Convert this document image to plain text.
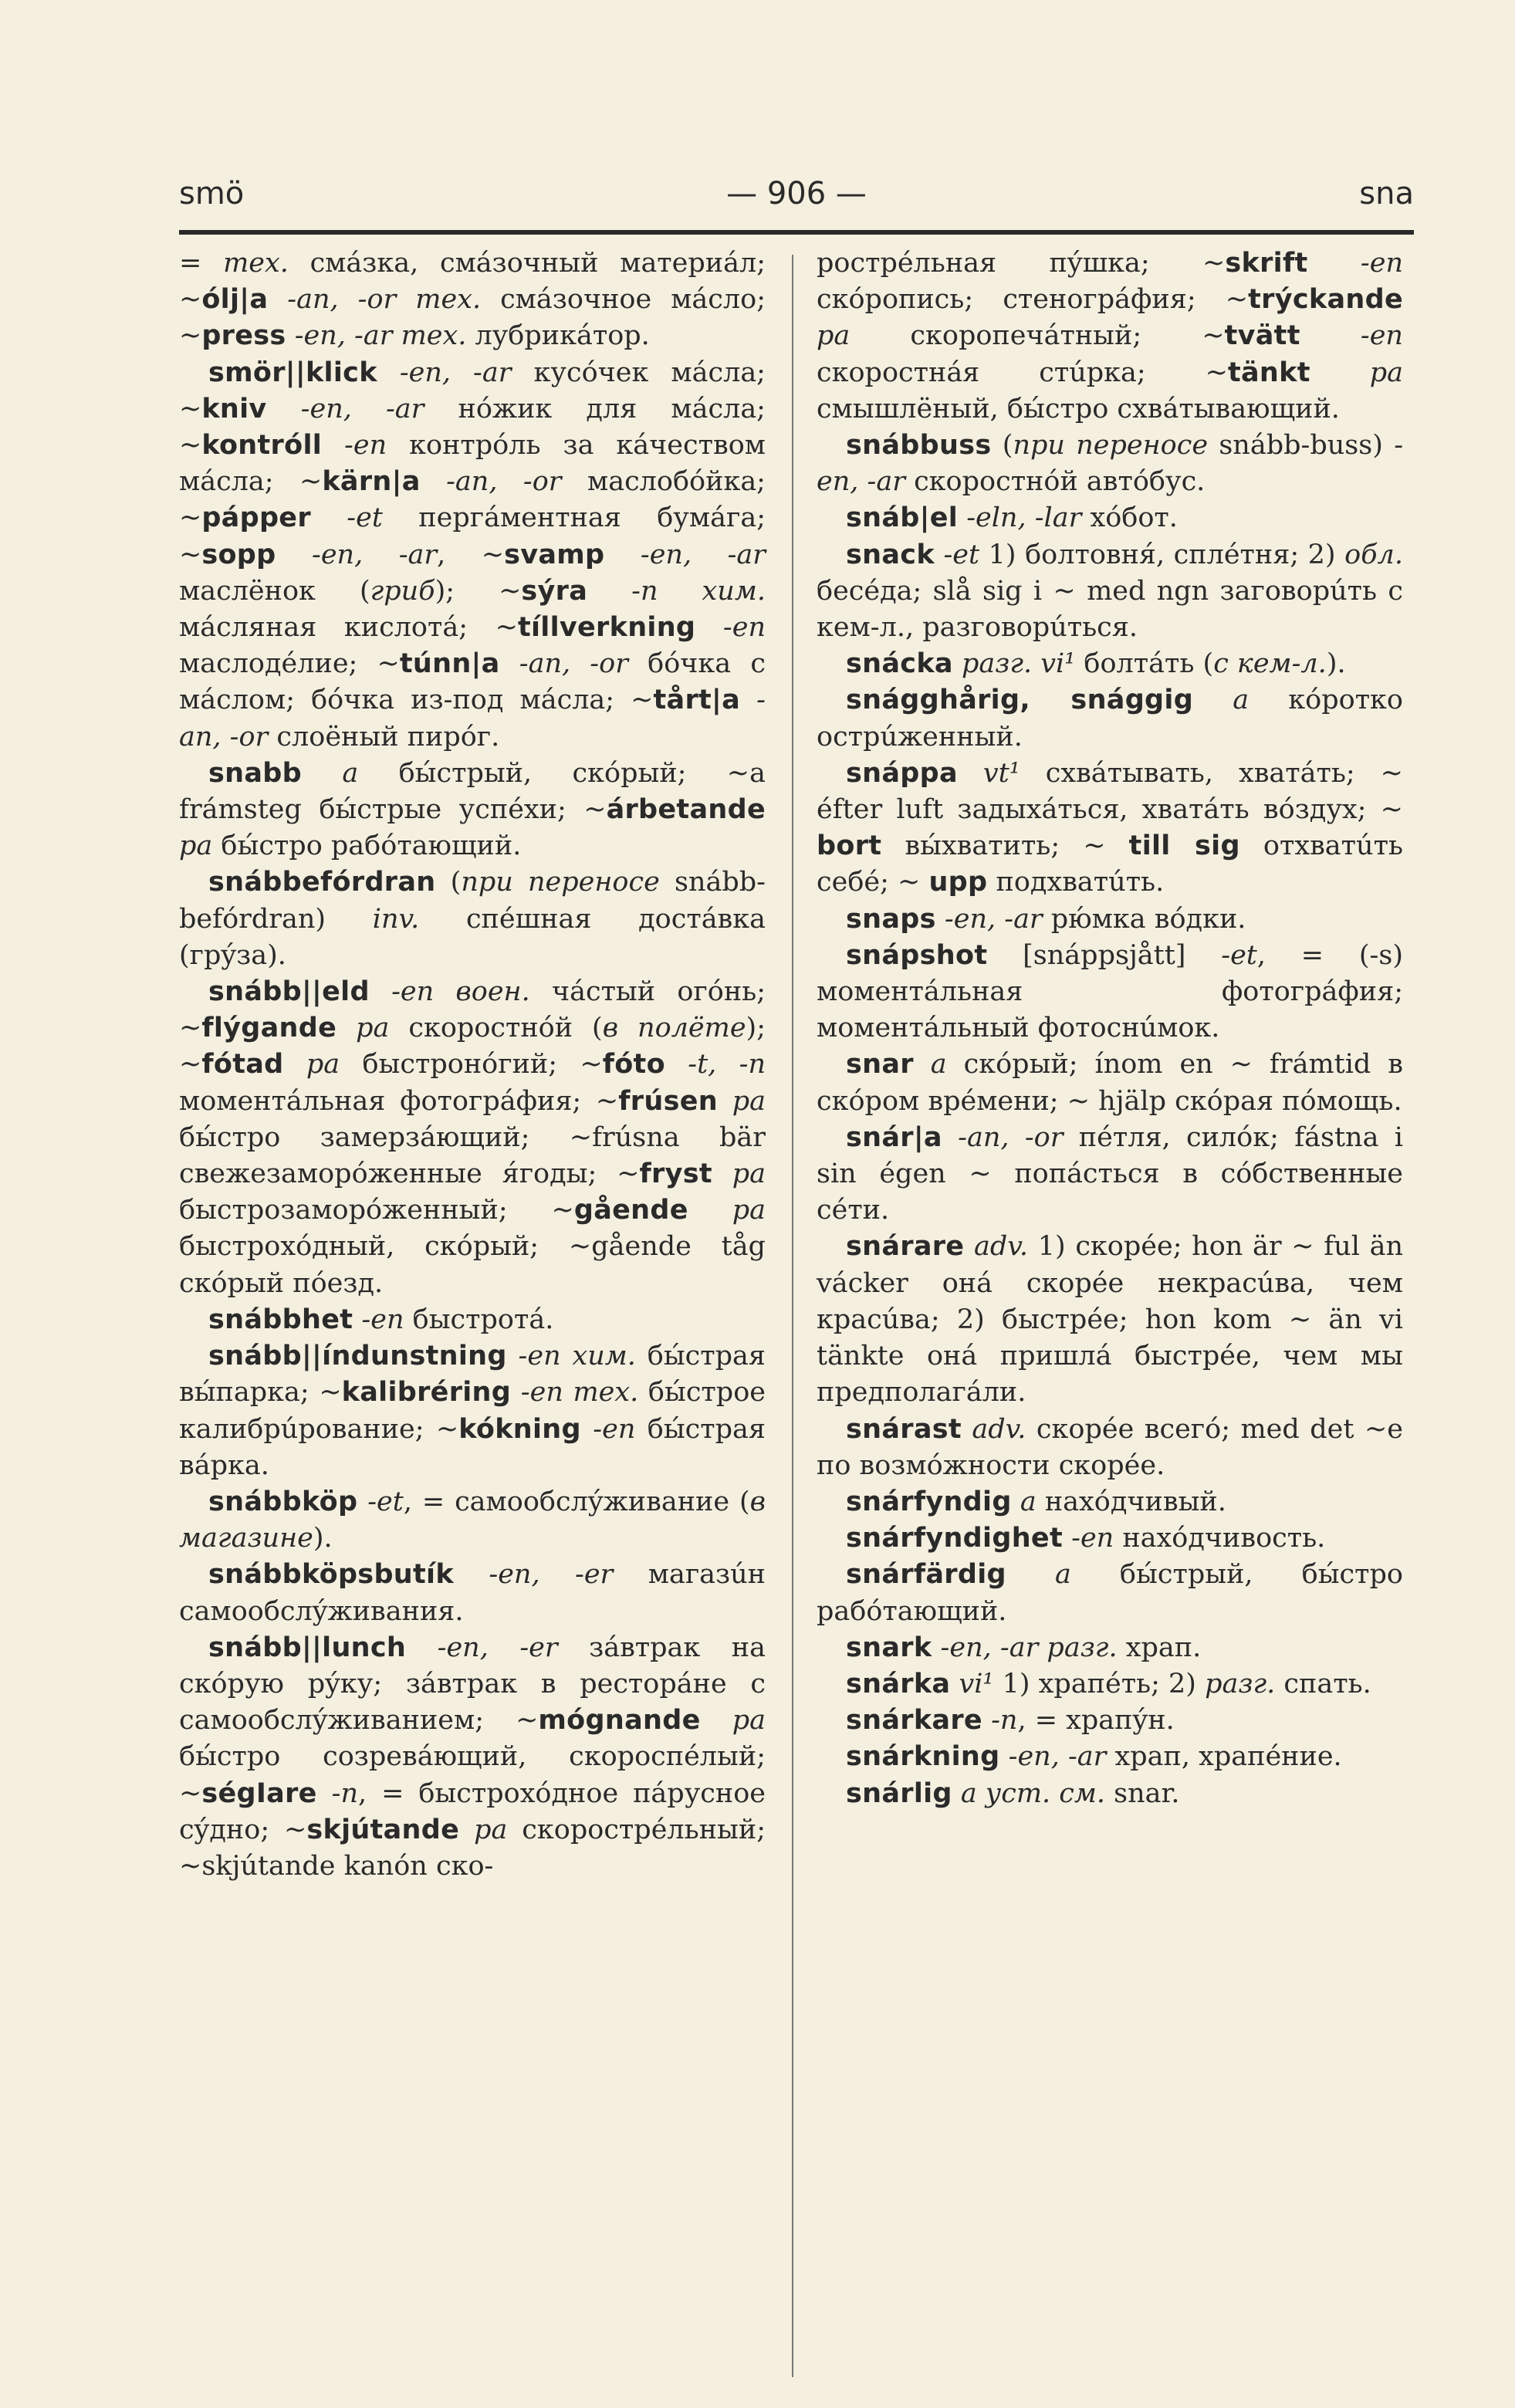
smö	— 906 —	sna

= тех. смáзка, смáзочный материáл; ~ólj|a -an, -or тех. смáзочное мáсло; ~press -en, -ar тех. лубрикáтор.

smör||klick -en, -ar кусóчек мáсла; ~kniv -en, -ar нóжик для мáсла; ~kontróll -en контрóль за кáчеством мáсла; ~kärn|a -an, -or маслобóйка; ~pápper -et пергáментная бумáга; ~sopp -en, -ar, ~svamp -en, -ar маслёнок (гриб); ~sýra -n хим. мáсляная кислотá; ~tíllverkning -en маслодéлие; ~túnn|a -an, -or бóчка с мáслом; бóчка из-под мáсла; ~tårt|a -an, -or слоёный пирóг.

snabb a бы́стрый, скóрый; ~a frámsteg бы́стрые успéхи; ~árbetande pa бы́стро рабóтающий.

snábbefórdran (при переносе snább-befórdran) inv. спéшная достáвка (грýза).

snább||eld -en воен. чáстый огóнь; ~flýgande pa скоростнóй (в полёте); ~fótad pa быстронóгий; ~fóto -t, -n моментáльная фотогрáфия; ~frúsen pa бы́стро замерзáющий; ~frúsna bär свежезаморóженные я́годы; ~fryst pa быстрозаморóженный; ~gående pa быстрохóдный, скóрый; ~gående tåg скóрый пóезд.

snábbhet -en быстротá.

snább||índunstning -en хим. бы́страя вы́парка; ~kalibréring -en тех. бы́строе калибрúрование; ~kókning -en бы́страя вáрка.

snábbköp -et, = самообслýживание (в магазине).

snábbköpsbutík -en, -er магазúн самообслýживания.

snább||lunch -en, -er зáвтрак на скóрую рýку; зáвтрак в ресторáне с самообслýживанием; ~mógnande pa бы́стро созревáющий, скороспéлый; ~ségIare -n, = быстрохóдное пáрусное сýдно; ~skjútande pa скорострéльный; ~skjútande kanón ско-

рострéльная пýшка; ~skrift -en скóропись; стеногрáфия; ~trýckande pa скоропечáтный; ~tvätt -en скоростнáя стúрка; ~tänkt pa смышлёный, бы́стро схвáтывающий.

snábbuss (при переносе snább-buss) -en, -ar скоростнóй автóбус.

snáb|el -eln, -lar хóбот.

snack -et 1) болтовня́, сплéтня; 2) обл. бесéда; slå sig i ~ med ngn заговорúть с кем-л., разговорúться.

snácka разг. vi¹ болтáть (с кем-л.).

snágghårig, snággig a кóротко острúженный.

snáppa vt¹ схвáтывать, хватáть; ~ éfter luft задыхáться, хватáть вóздух; ~ bort вы́хватить; ~ till sig отхватúть себé; ~ upp подхватúть.

snaps -en, -ar рю́мка вóдки.

snápshot [snáppsjått] -et, = (-s) моментáльная фотогрáфия; моментáльный фотоснúмок.

snar a скóрый; ínom en ~ frámtid в скóром врéмени; ~ hjälp скóрая пóмощь.

snár|a -an, -or пéтля, силóк; fástna i sin égen ~ попáсться в сóбственные сéти.

snárare adv. 1) скорéе; hon är ~ ful än vácker онá скорéе некрасúва, чем красúва; 2) быстрéе; hon kom ~ än vi tänkte онá пришлá быстрéе, чем мы предполагáли.

snárast adv. скорéе всегó; med det ~e по возмóжности скорéе.

snárfyndig a нахóдчивый.

snárfyndighet -en нахóдчивость.

snárfärdig a бы́стрый, бы́стро рабóтающий.

snark -en, -ar разг. храп.

snárka vi¹ 1) храпéть; 2) разг. спать.

snárkare -n, = храпýн.

snárkning -en, -ar храп, храпéние.

snárlig a уст. см. snar.
